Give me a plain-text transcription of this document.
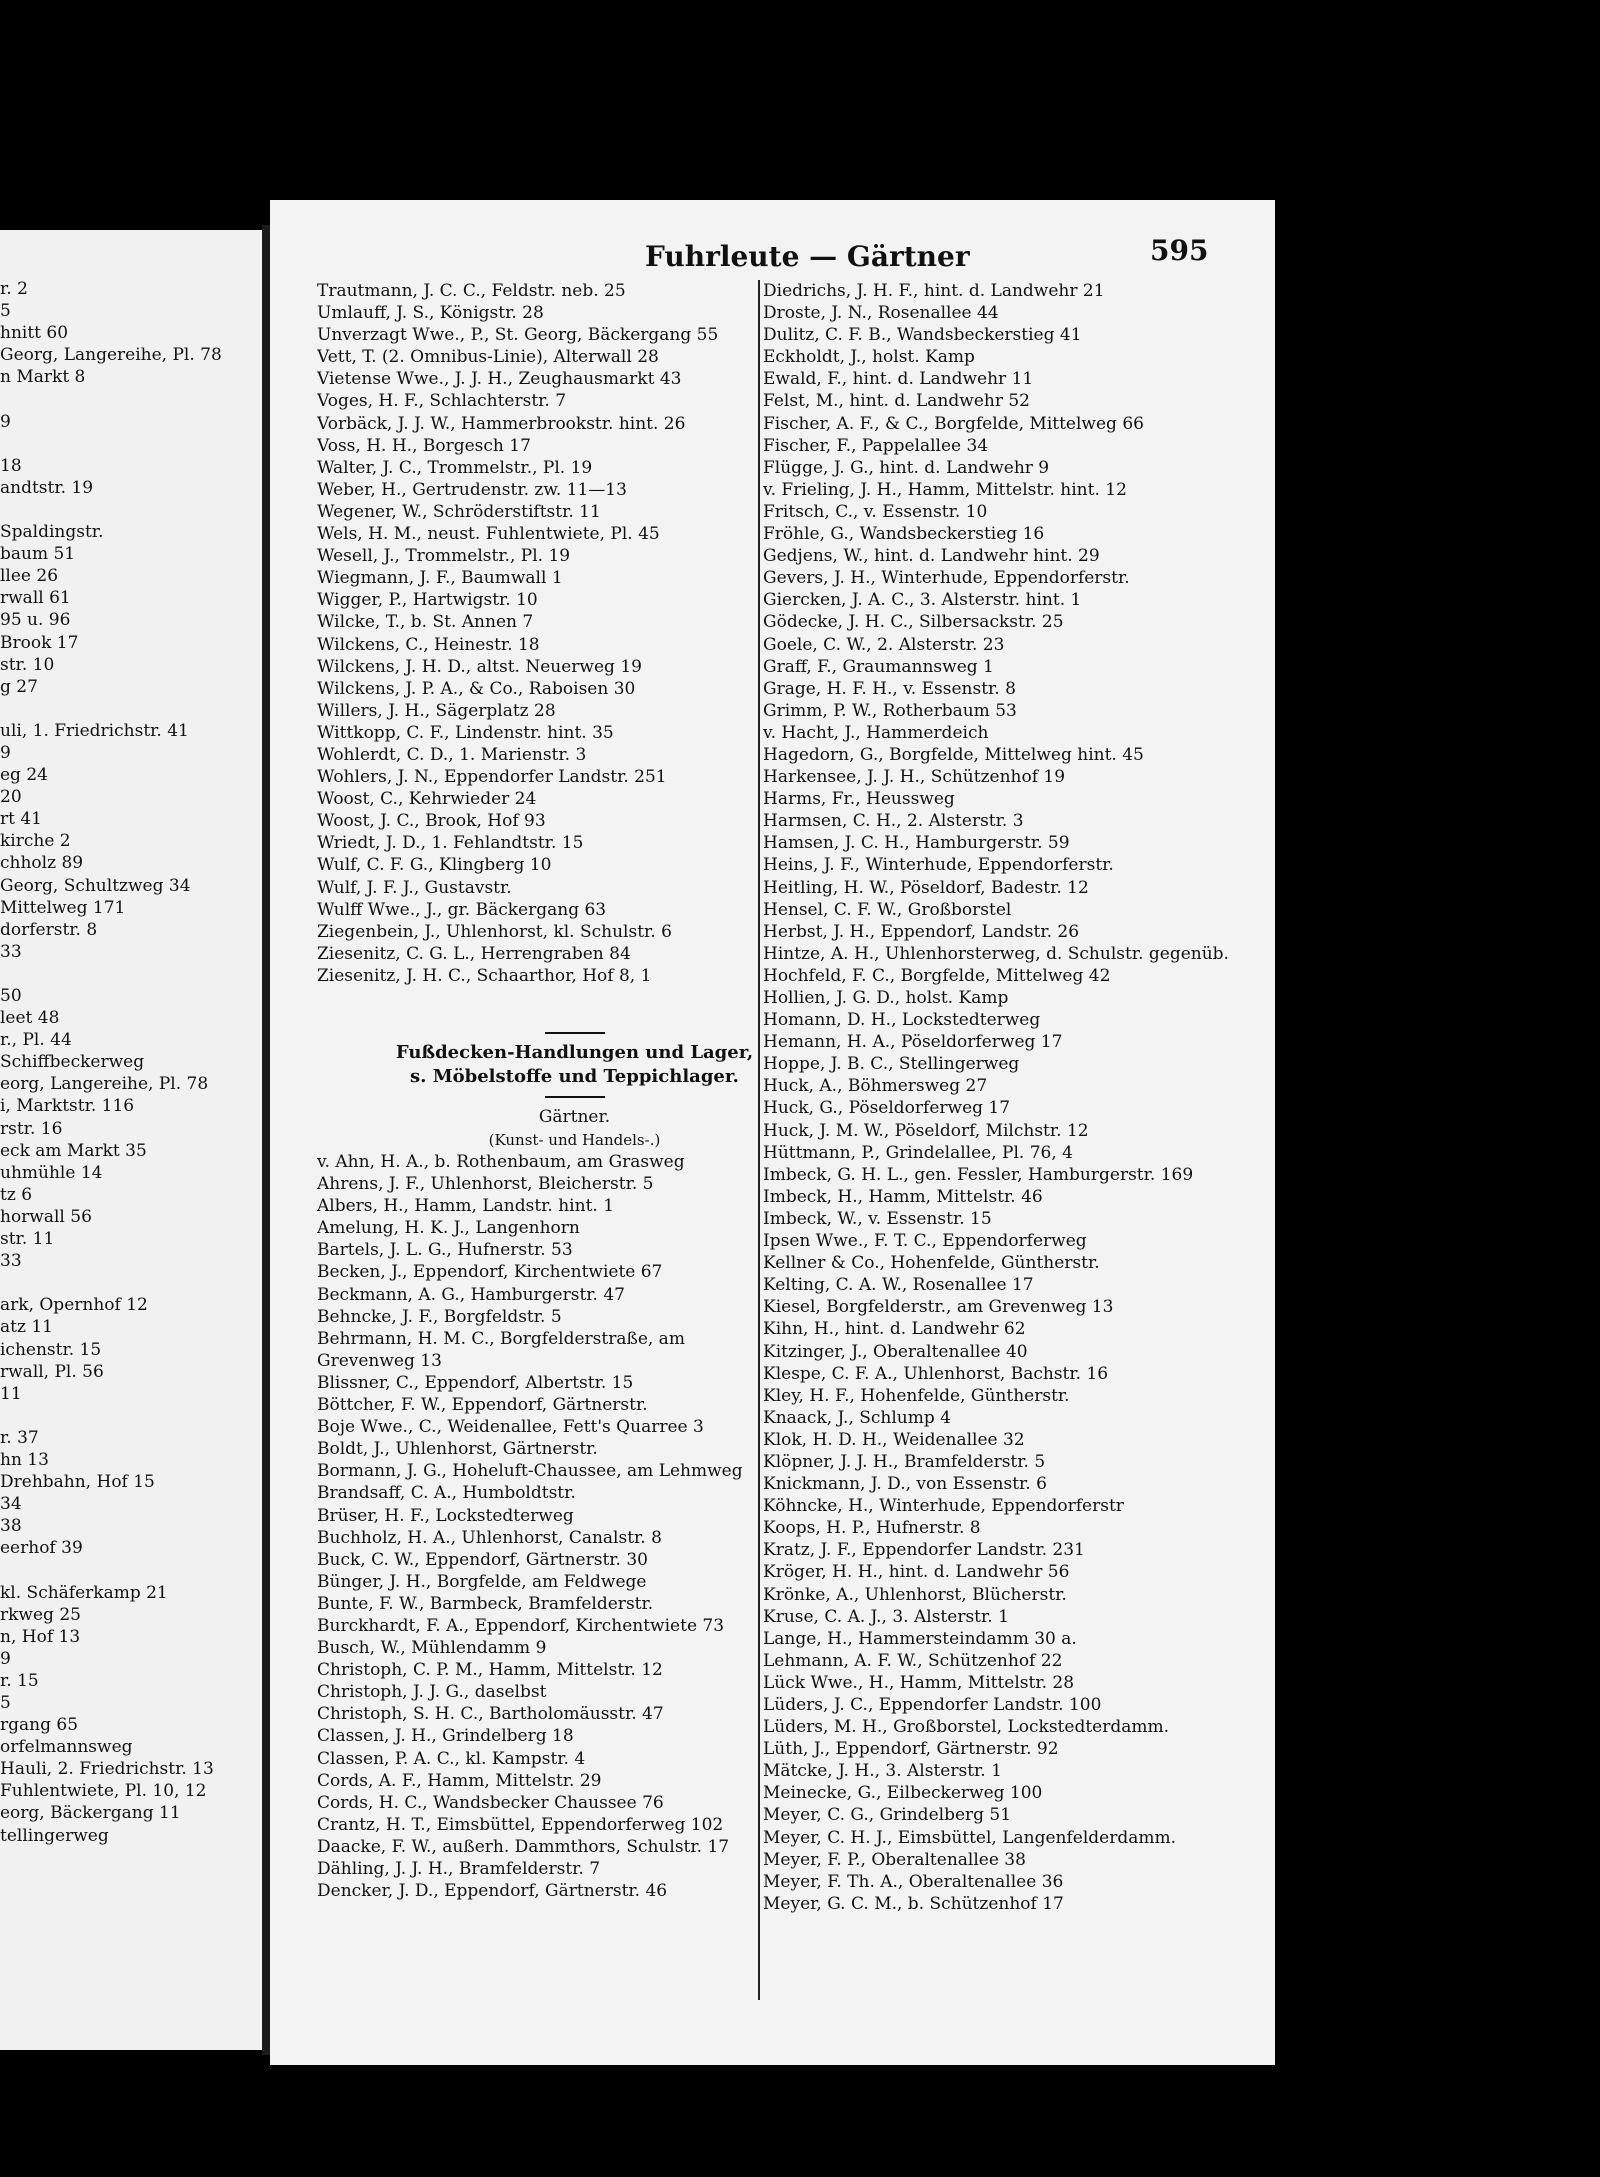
r. 2
5
hnitt 60
Georg, Langereihe, Pl. 78
n Markt 8
9
18
andtstr. 19
Spaldingstr.
baum 51
llee 26
rwall 61
95 u. 96
Brook 17
str. 10
g 27
uli, 1. Friedrichstr. 41
9
eg 24
20
rt 41
kirche 2
chholz 89
Georg, Schultzweg 34
Mittelweg 171
dorferstr. 8
33
50
leet 48
r., Pl. 44
Schiffbeckerweg
eorg, Langereihe, Pl. 78
i, Marktstr. 116
rstr. 16
eck am Markt 35
uhmühle 14
tz 6
horwall 56
str. 11
33
ark, Opernhof 12
atz 11
ichenstr. 15
rwall, Pl. 56
11
r. 37
hn 13
Drehbahn, Hof 15
34
38
eerhof 39
kl. Schäferkamp 21
rkweg 25
n, Hof 13
9
r. 15
5
rgang 65
orfelmannsweg
Hauli, 2. Friedrichstr. 13
Fuhlentwiete, Pl. 10, 12
eorg, Bäckergang 11
tellingerweg
Fuhrleute — Gärtner	595
Trautmann, J. C. C., Feldstr. neb. 25
Umlauff, J. S., Königstr. 28
Unverzagt Wwe., P., St. Georg, Bäckergang 55
Vett, T. (2. Omnibus-Linie), Alterwall 28
Vietense Wwe., J. J. H., Zeughausmarkt 43
Voges, H. F., Schlachterstr. 7
Vorbäck, J. J. W., Hammerbrookstr. hint. 26
Voss, H. H., Borgesch 17
Walter, J. C., Trommelstr., Pl. 19
Weber, H., Gertrudenstr. zw. 11—13
Wegener, W., Schröderstiftstr. 11
Wels, H. M., neust. Fuhlentwiete, Pl. 45
Wesell, J., Trommelstr., Pl. 19
Wiegmann, J. F., Baumwall 1
Wigger, P., Hartwigstr. 10
Wilcke, T., b. St. Annen 7
Wilckens, C., Heinestr. 18
Wilckens, J. H. D., altst. Neuerweg 19
Wilckens, J. P. A., & Co., Raboisen 30
Willers, J. H., Sägerplatz 28
Wittkopp, C. F., Lindenstr. hint. 35
Wohlerdt, C. D., 1. Marienstr. 3
Wohlers, J. N., Eppendorfer Landstr. 251
Woost, C., Kehrwieder 24
Woost, J. C., Brook, Hof 93
Wriedt, J. D., 1. Fehlandtstr. 15
Wulf, C. F. G., Klingberg 10
Wulf, J. F. J., Gustavstr.
Wulff Wwe., J., gr. Bäckergang 63
Ziegenbein, J., Uhlenhorst, kl. Schulstr. 6
Ziesenitz, C. G. L., Herrengraben 84
Ziesenitz, J. H. C., Schaarthor, Hof 8, 1
Fußdecken-Handlungen und Lager,
s. Möbelstoffe und Teppichlager.
Gärtner.
(Kunst- und Handels-.)
v. Ahn, H. A., b. Rothenbaum, am Grasweg
Ahrens, J. F., Uhlenhorst, Bleicherstr. 5
Albers, H., Hamm, Landstr. hint. 1
Amelung, H. K. J., Langenhorn
Bartels, J. L. G., Hufnerstr. 53
Becken, J., Eppendorf, Kirchentwiete 67
Beckmann, A. G., Hamburgerstr. 47
Behncke, J. F., Borgfeldstr. 5
Behrmann, H. M. C., Borgfelderstraße, am
Grevenweg 13
Blissner, C., Eppendorf, Albertstr. 15
Böttcher, F. W., Eppendorf, Gärtnerstr.
Boje Wwe., C., Weidenallee, Fett's Quarree 3
Boldt, J., Uhlenhorst, Gärtnerstr.
Bormann, J. G., Hoheluft-Chaussee, am Lehmweg
Brandsaff, C. A., Humboldtstr.
Brüser, H. F., Lockstedterweg
Buchholz, H. A., Uhlenhorst, Canalstr. 8
Buck, C. W., Eppendorf, Gärtnerstr. 30
Bünger, J. H., Borgfelde, am Feldwege
Bunte, F. W., Barmbeck, Bramfelderstr.
Burckhardt, F. A., Eppendorf, Kirchentwiete 73
Busch, W., Mühlendamm 9
Christoph, C. P. M., Hamm, Mittelstr. 12
Christoph, J. J. G., daselbst
Christoph, S. H. C., Bartholomäusstr. 47
Classen, J. H., Grindelberg 18
Classen, P. A. C., kl. Kampstr. 4
Cords, A. F., Hamm, Mittelstr. 29
Cords, H. C., Wandsbecker Chaussee 76
Crantz, H. T., Eimsbüttel, Eppendorferweg 102
Daacke, F. W., außerh. Dammthors, Schulstr. 17
Dähling, J. J. H., Bramfelderstr. 7
Dencker, J. D., Eppendorf, Gärtnerstr. 46
Diedrichs, J. H. F., hint. d. Landwehr 21
Droste, J. N., Rosenallee 44
Dulitz, C. F. B., Wandsbeckerstieg 41
Eckholdt, J., holst. Kamp
Ewald, F., hint. d. Landwehr 11
Felst, M., hint. d. Landwehr 52
Fischer, A. F., & C., Borgfelde, Mittelweg 66
Fischer, F., Pappelallee 34
Flügge, J. G., hint. d. Landwehr 9
v. Frieling, J. H., Hamm, Mittelstr. hint. 12
Fritsch, C., v. Essenstr. 10
Fröhle, G., Wandsbeckerstieg 16
Gedjens, W., hint. d. Landwehr hint. 29
Gevers, J. H., Winterhude, Eppendorferstr.
Giercken, J. A. C., 3. Alsterstr. hint. 1
Gödecke, J. H. C., Silbersackstr. 25
Goele, C. W., 2. Alsterstr. 23
Graff, F., Graumannsweg 1
Grage, H. F. H., v. Essenstr. 8
Grimm, P. W., Rotherbaum 53
v. Hacht, J., Hammerdeich
Hagedorn, G., Borgfelde, Mittelweg hint. 45
Harkensee, J. J. H., Schützenhof 19
Harms, Fr., Heussweg
Harmsen, C. H., 2. Alsterstr. 3
Hamsen, J. C. H., Hamburgerstr. 59
Heins, J. F., Winterhude, Eppendorferstr.
Heitling, H. W., Pöseldorf, Badestr. 12
Hensel, C. F. W., Großborstel
Herbst, J. H., Eppendorf, Landstr. 26
Hintze, A. H., Uhlenhorsterweg, d. Schulstr. gegenüb.
Hochfeld, F. C., Borgfelde, Mittelweg 42
Hollien, J. G. D., holst. Kamp
Homann, D. H., Lockstedterweg
Hemann, H. A., Pöseldorferweg 17
Hoppe, J. B. C., Stellingerweg
Huck, A., Böhmersweg 27
Huck, G., Pöseldorferweg 17
Huck, J. M. W., Pöseldorf, Milchstr. 12
Hüttmann, P., Grindelallee, Pl. 76, 4
Imbeck, G. H. L., gen. Fessler, Hamburgerstr. 169
Imbeck, H., Hamm, Mittelstr. 46
Imbeck, W., v. Essenstr. 15
Ipsen Wwe., F. T. C., Eppendorferweg
Kellner & Co., Hohenfelde, Güntherstr.
Kelting, C. A. W., Rosenallee 17
Kiesel, Borgfelderstr., am Grevenweg 13
Kihn, H., hint. d. Landwehr 62
Kitzinger, J., Oberaltenallee 40
Klespe, C. F. A., Uhlenhorst, Bachstr. 16
Kley, H. F., Hohenfelde, Güntherstr.
Knaack, J., Schlump 4
Klok, H. D. H., Weidenallee 32
Klöpner, J. J. H., Bramfelderstr. 5
Knickmann, J. D., von Essenstr. 6
Köhncke, H., Winterhude, Eppendorferstr
Koops, H. P., Hufnerstr. 8
Kratz, J. F., Eppendorfer Landstr. 231
Kröger, H. H., hint. d. Landwehr 56
Krönke, A., Uhlenhorst, Blücherstr.
Kruse, C. A. J., 3. Alsterstr. 1
Lange, H., Hammersteindamm 30 a.
Lehmann, A. F. W., Schützenhof 22
Lück Wwe., H., Hamm, Mittelstr. 28
Lüders, J. C., Eppendorfer Landstr. 100
Lüders, M. H., Großborstel, Lockstedterdamm.
Lüth, J., Eppendorf, Gärtnerstr. 92
Mätcke, J. H., 3. Alsterstr. 1
Meinecke, G., Eilbeckerweg 100
Meyer, C. G., Grindelberg 51
Meyer, C. H. J., Eimsbüttel, Langenfelderdamm.
Meyer, F. P., Oberaltenallee 38
Meyer, F. Th. A., Oberaltenallee 36
Meyer, G. C. M., b. Schützenhof 17
